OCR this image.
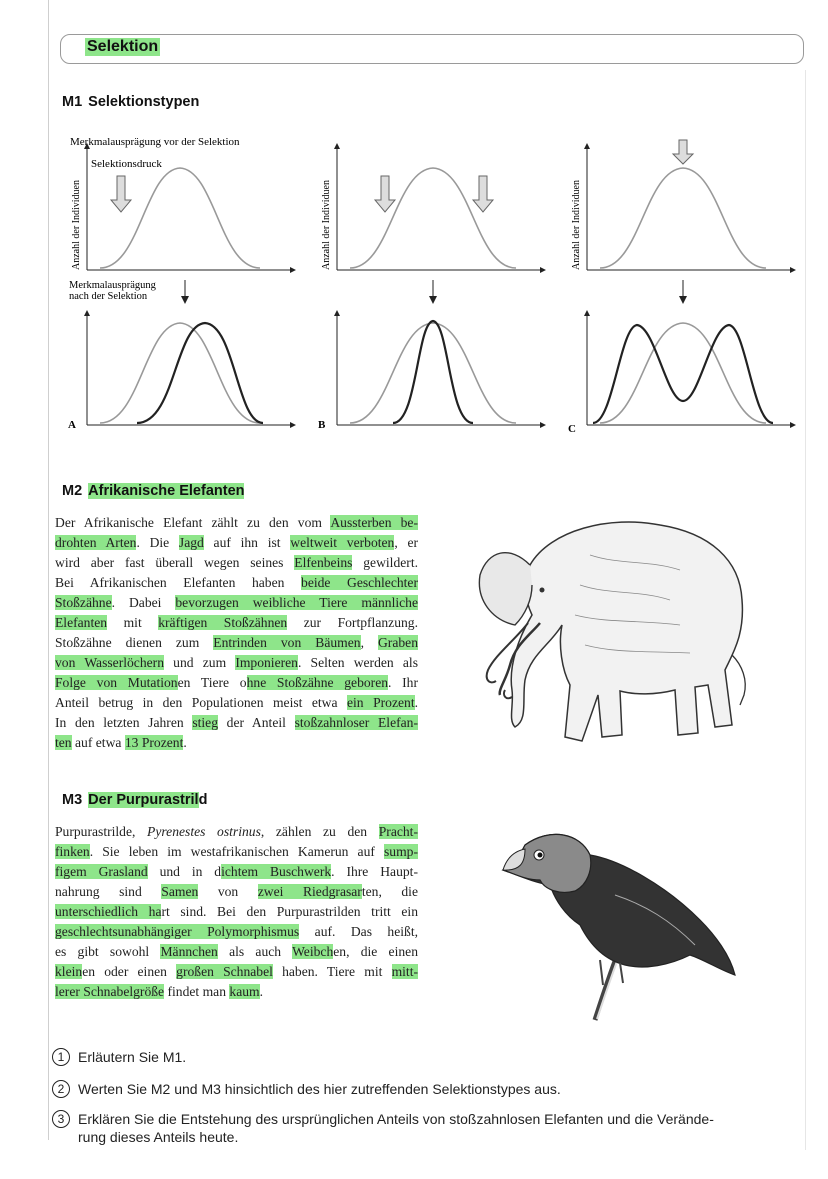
Selektion
M1 Selektionstypen
Merkmalausprägung vor der Selektion
Selektionsdruck
Merkmalausprägung
nach der Selektion
Anzahl der Individuen	Anzahl der Individuen	Anzahl der Individuen
A	B	C
M2 Afrikanische Elefanten
Der Afrikanische Elefant zählt zu den vom Aussterben be-
drohten Arten. Die Jagd auf ihn ist weltweit verboten, er
wird aber fast überall wegen seines Elfenbeins gewildert.
Bei Afrikanischen Elefanten haben beide Geschlechter
Stoßzähne. Dabei bevorzugen weibliche Tiere männliche
Elefanten mit kräftigen Stoßzähnen zur Fortpflanzung.
Stoßzähne dienen zum Entrinden von Bäumen, Graben
von Wasserlöchern und zum Imponieren. Selten werden als
Folge von Mutationen Tiere ohne Stoßzähne geboren. Ihr
Anteil betrug in den Populationen meist etwa ein Prozent.
In den letzten Jahren stieg der Anteil stoßzahnloser Elefan-
ten auf etwa 13 Prozent.
M3 Der Purpurastrild
Purpurastrilde, Pyrenestes ostrinus, zählen zu den Pracht-
finken. Sie leben im westafrikanischen Kamerun auf sump-
figem Grasland und in dichtem Buschwerk. Ihre Haupt-
nahrung sind Samen von zwei Riedgrasarten, die
unterschiedlich hart sind. Bei den Purpurastrilden tritt ein
geschlechtsunabhängiger Polymorphismus auf. Das heißt,
es gibt sowohl Männchen als auch Weibchen, die einen
kleinen oder einen großen Schnabel haben. Tiere mit mitt-
lerer Schnabelgröße findet man kaum.
1 Erläutern Sie M1.
2 Werten Sie M2 und M3 hinsichtlich des hier zutreffenden Selektionstypes aus.
3 Erklären Sie die Entstehung des ursprünglichen Anteils von stoßzahnlosen Elefanten und die Verände-
rung dieses Anteils heute.
